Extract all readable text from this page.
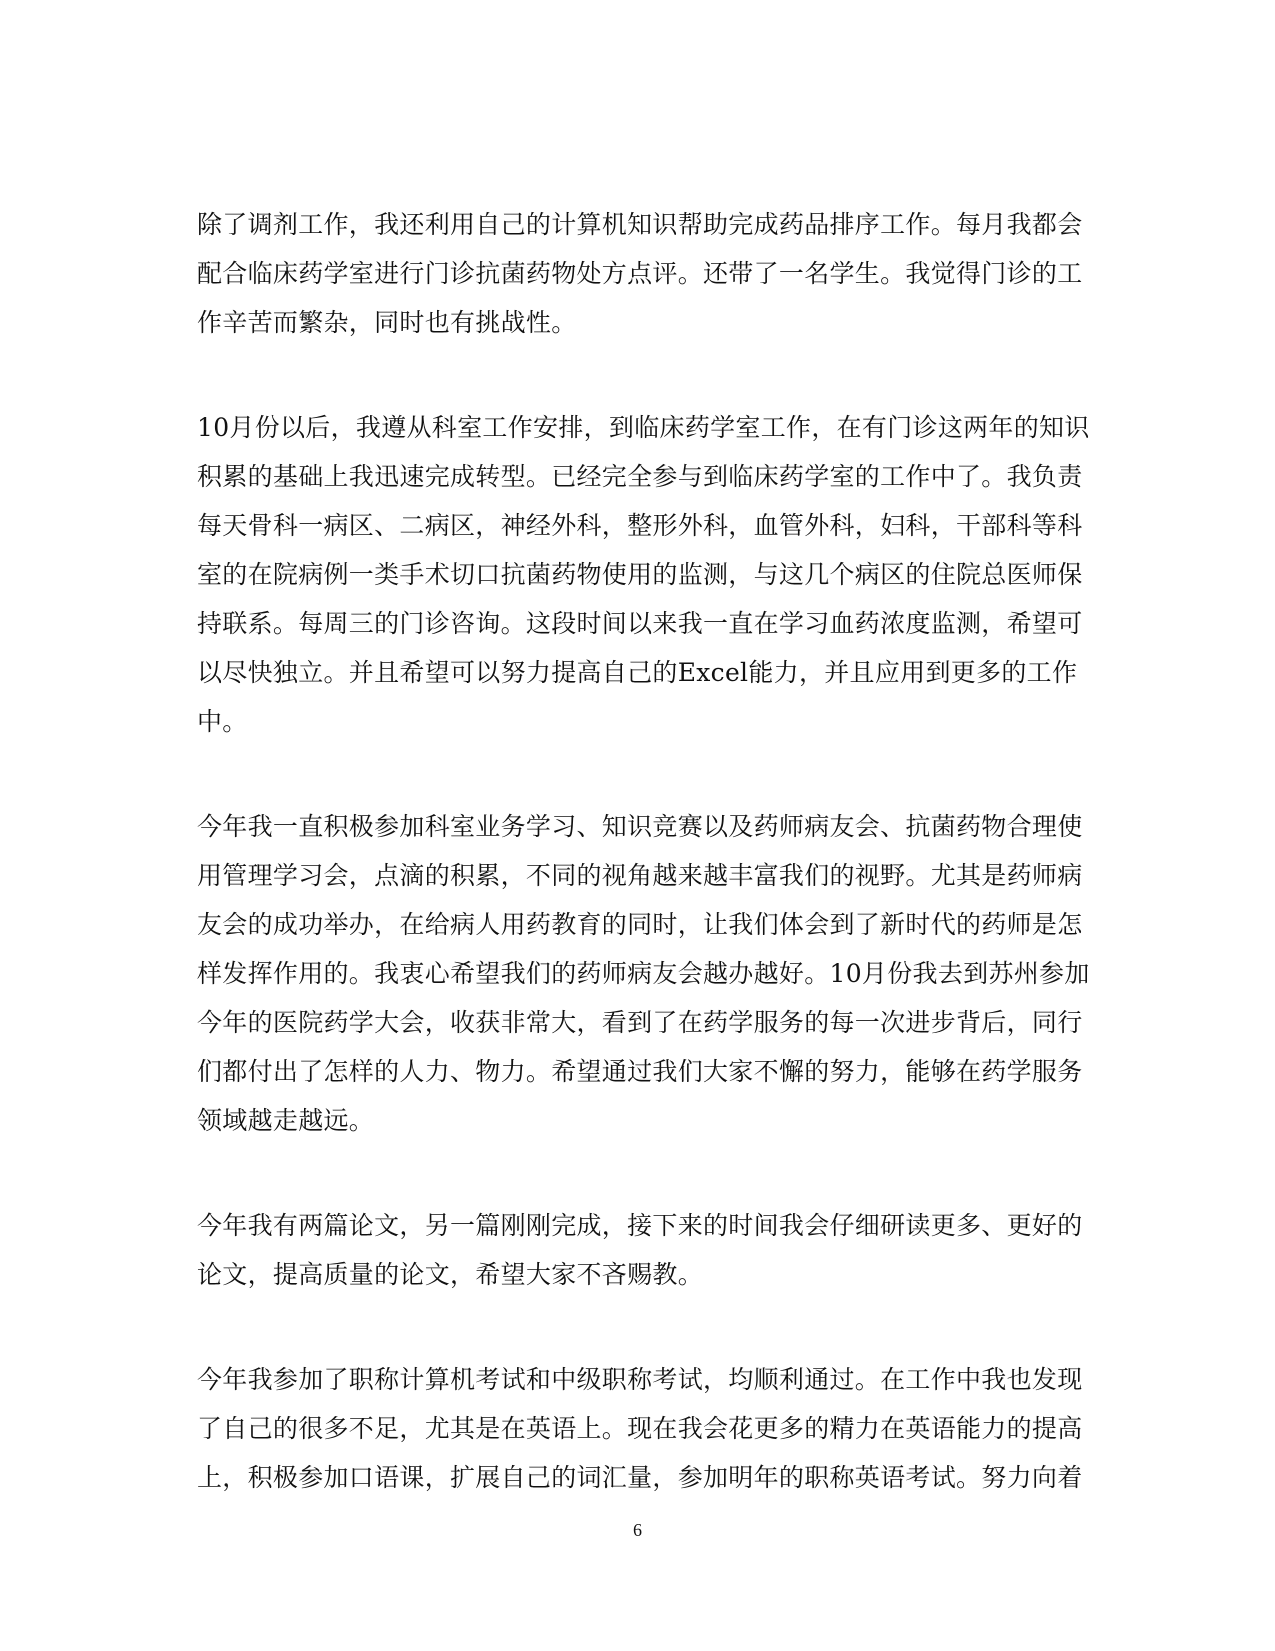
除了调剂工作，我还利用自己的计算机知识帮助完成药品排序工作。每月我都会
配合临床药学室进行门诊抗菌药物处方点评。还带了一名学生。我觉得门诊的工
作辛苦而繁杂，同时也有挑战性。

10月份以后，我遵从科室工作安排，到临床药学室工作，在有门诊这两年的知识
积累的基础上我迅速完成转型。已经完全参与到临床药学室的工作中了。我负责
每天骨科一病区、二病区，神经外科，整形外科，血管外科，妇科，干部科等科
室的在院病例一类手术切口抗菌药物使用的监测，与这几个病区的住院总医师保
持联系。每周三的门诊咨询。这段时间以来我一直在学习血药浓度监测，希望可
以尽快独立。并且希望可以努力提高自己的Excel能力，并且应用到更多的工作
中。

今年我一直积极参加科室业务学习、知识竞赛以及药师病友会、抗菌药物合理使
用管理学习会，点滴的积累，不同的视角越来越丰富我们的视野。尤其是药师病
友会的成功举办，在给病人用药教育的同时，让我们体会到了新时代的药师是怎
样发挥作用的。我衷心希望我们的药师病友会越办越好。10月份我去到苏州参加
今年的医院药学大会，收获非常大，看到了在药学服务的每一次进步背后，同行
们都付出了怎样的人力、物力。希望通过我们大家不懈的努力，能够在药学服务
领域越走越远。

今年我有两篇论文，另一篇刚刚完成，接下来的时间我会仔细研读更多、更好的
论文，提高质量的论文，希望大家不吝赐教。

今年我参加了职称计算机考试和中级职称考试，均顺利通过。在工作中我也发现
了自己的很多不足，尤其是在英语上。现在我会花更多的精力在英语能力的提高
上，积极参加口语课，扩展自己的词汇量，参加明年的职称英语考试。努力向着

6
